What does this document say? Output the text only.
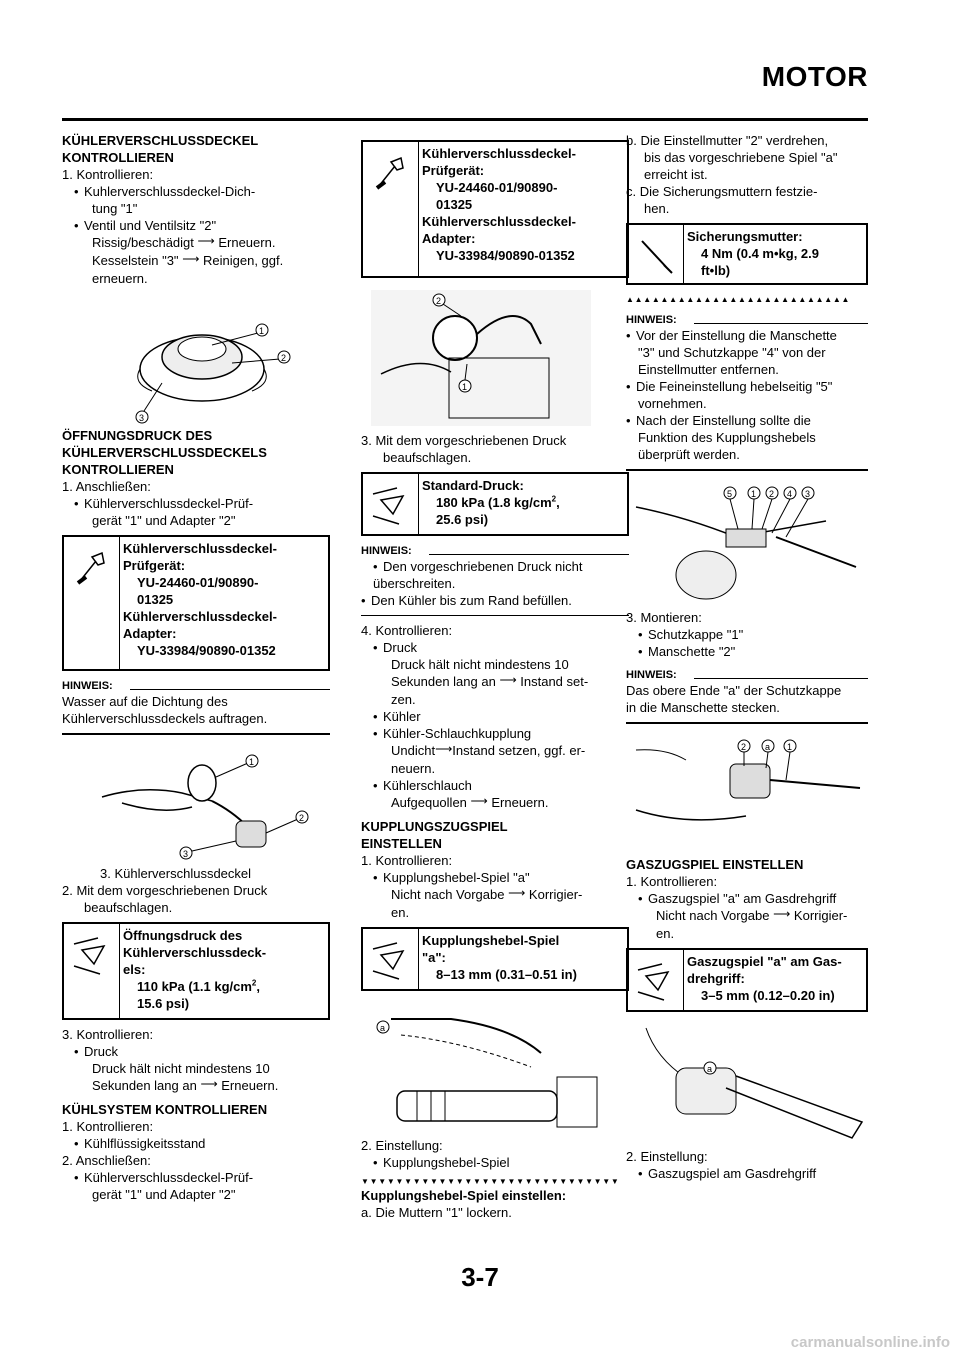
MOTOR
KÜHLERVERSCHLUSSDECKEL
KONTROLLIEREN
1. Kontrollieren:
• Kuhlerverschlussdeckel-Dich-
tung "1"
• Ventil und Ventilsitz "2"
Rissig/beschädigt ⟶ Erneuern.
Kesselstein "3" ⟶ Reinigen, ggf.
erneuern.
1
2
3
ÖFFNUNGSDRUCK DES
KÜHLERVERSCHLUSSDECKELS
KONTROLLIEREN
1. Anschließen:
• Kühlerverschlussdeckel-Prüf-
gerät "1" und Adapter "2"
Kühlerverschlussdeckel-
Prüfgerät:
YU-24460-01/90890-
01325
Kühlerverschlussdeckel-
Adapter:
YU-33984/90890-01352
HINWEIS:
Wasser auf die Dichtung des
Kühlerverschlussdeckels auftragen.
1
2
3
3. Kühlerverschlussdeckel
2. Mit dem vorgeschriebenen Druck
beaufschlagen.
Öffnungsdruck des
Kühlerverschlussdeck-
els:
110 kPa (1.1 $kg/cm^2$,
15.6 psi)
3. Kontrollieren:
• Druck
Druck hält nicht mindestens 10
Sekunden lang an ⟶ Erneuern.
KÜHLSYSTEM KONTROLLIEREN
1. Kontrollieren:
• Kühlflüssigkeitsstand
2. Anschließen:
• Kühlerverschlussdeckel-Prüf-
gerät "1" und Adapter "2"
Kühlerverschlussdeckel-
Prüfgerät:
YU-24460-01/90890-
01325
Kühlerverschlussdeckel-
Adapter:
YU-33984/90890-01352
2
1
3. Mit dem vorgeschriebenen Druck
beaufschlagen.
Standard-Druck:
180 kPa (1.8 $kg/cm^2$,
25.6 psi)
HINWEIS:
• Den vorgeschriebenen Druck nicht
überschreiten.
• Den Kühler bis zum Rand befüllen.
4. Kontrollieren:
• Druck
Druck hält nicht mindestens 10
Sekunden lang an ⟶ Instand set-
zen.
• Kühler
• Kühler-Schlauchkupplung
Undicht⟶Instand setzen, ggf. er-
neuern.
• Kühlerschlauch
Aufgequollen ⟶ Erneuern.
KUPPLUNGSZUGSPIEL
EINSTELLEN
1. Kontrollieren:
• Kupplungshebel-Spiel "a"
Nicht nach Vorgabe ⟶ Korrigier-
en.
Kupplungshebel-Spiel
"a":
8–13 mm (0.31–0.51 in)
a
2. Einstellung:
• Kupplungshebel-Spiel
▼▼▼▼▼▼▼▼▼▼▼▼▼▼▼▼▼▼▼▼▼▼▼▼▼▼▼▼▼▼
Kupplungshebel-Spiel einstellen:
a. Die Muttern "1" lockern.
b. Die Einstellmutter "2" verdrehen,
bis das vorgeschriebene Spiel "a"
erreicht ist.
c. Die Sicherungsmuttern festzie-
hen.
Sicherungsmutter:
4 Nm (0.4 m•kg, 2.9
ft•lb)
▲▲▲▲▲▲▲▲▲▲▲▲▲▲▲▲▲▲▲▲▲▲▲▲▲▲
HINWEIS:
• Vor der Einstellung die Manschette
"3" und Schutzkappe "4" von der
Einstellmutter entfernen.
• Die Feineinstellung hebelseitig "5"
vornehmen.
• Nach der Einstellung sollte die
Funktion des Kupplungshebels
überprüft werden.
5 1 2 4 3
3. Montieren:
• Schutzkappe "1"
• Manschette "2"
HINWEIS:
Das obere Ende "a" der Schutzkappe
in die Manschette stecken.
2 a 1
GASZUGSPIEL EINSTELLEN
1. Kontrollieren:
• Gaszugspiel "a" am Gasdrehgriff
Nicht nach Vorgabe ⟶ Korrigier-
en.
Gaszugspiel "a" am Gas-
drehgriff:
3–5 mm (0.12–0.20 in)
a
2. Einstellung:
• Gaszugspiel am Gasdrehgriff
3-7
carmanualsonline.info
